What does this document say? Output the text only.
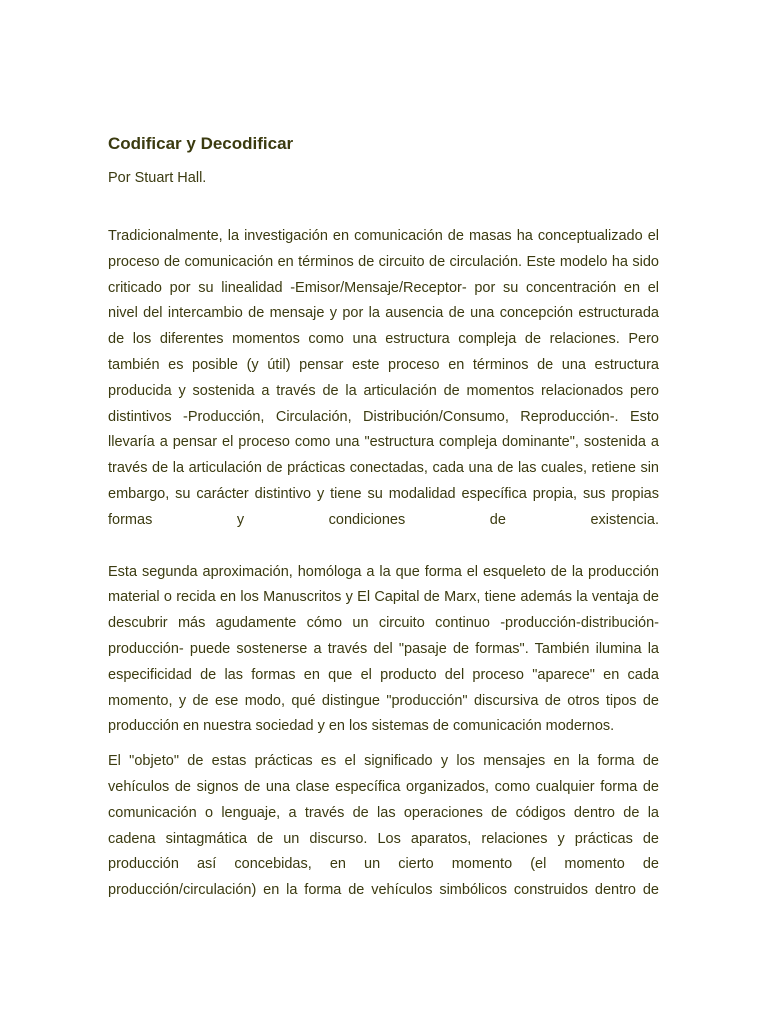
Codificar y Decodificar

Por Stuart Hall.

Tradicionalmente, la investigación en comunicación de masas ha conceptualizado el proceso de comunicación en términos de circuito de circulación. Este modelo ha sido criticado por su linealidad -Emisor/Mensaje/Receptor- por su concentración en el nivel del intercambio de mensaje y por la ausencia de una concepción estructurada de los diferentes momentos como una estructura compleja de relaciones. Pero también es posible (y útil) pensar este proceso en términos de una estructura producida y sostenida a través de la articulación de momentos relacionados pero distintivos -Producción, Circulación, Distribución/Consumo, Reproducción-. Esto llevaría a pensar el proceso como una "estructura compleja dominante", sostenida a través de la articulación de prácticas conectadas, cada una de las cuales, retiene sin embargo, su carácter distintivo y tiene su modalidad específica propia, sus propias formas y condiciones de existencia.

Esta segunda aproximación, homóloga a la que forma el esqueleto de la producción material o recida en los Manuscritos y El Capital de Marx, tiene además la ventaja de descubrir más agudamente cómo un circuito continuo -producción-distribución-producción- puede sostenerse a través del "pasaje de formas". También ilumina la especificidad de las formas en que el producto del proceso "aparece" en cada momento, y de ese modo, qué distingue "producción" discursiva de otros tipos de producción en nuestra sociedad y en los sistemas de comunicación modernos.

El "objeto" de estas prácticas es el significado y los mensajes en la forma de vehículos de signos de una clase específica organizados, como cualquier forma de comunicación o lenguaje, a través de las operaciones de códigos dentro de la cadena sintagmática de un discurso. Los aparatos, relaciones y prácticas de producción así concebidas, en un cierto momento (el momento de producción/circulación) en la forma de vehículos simbólicos construidos dentro de
